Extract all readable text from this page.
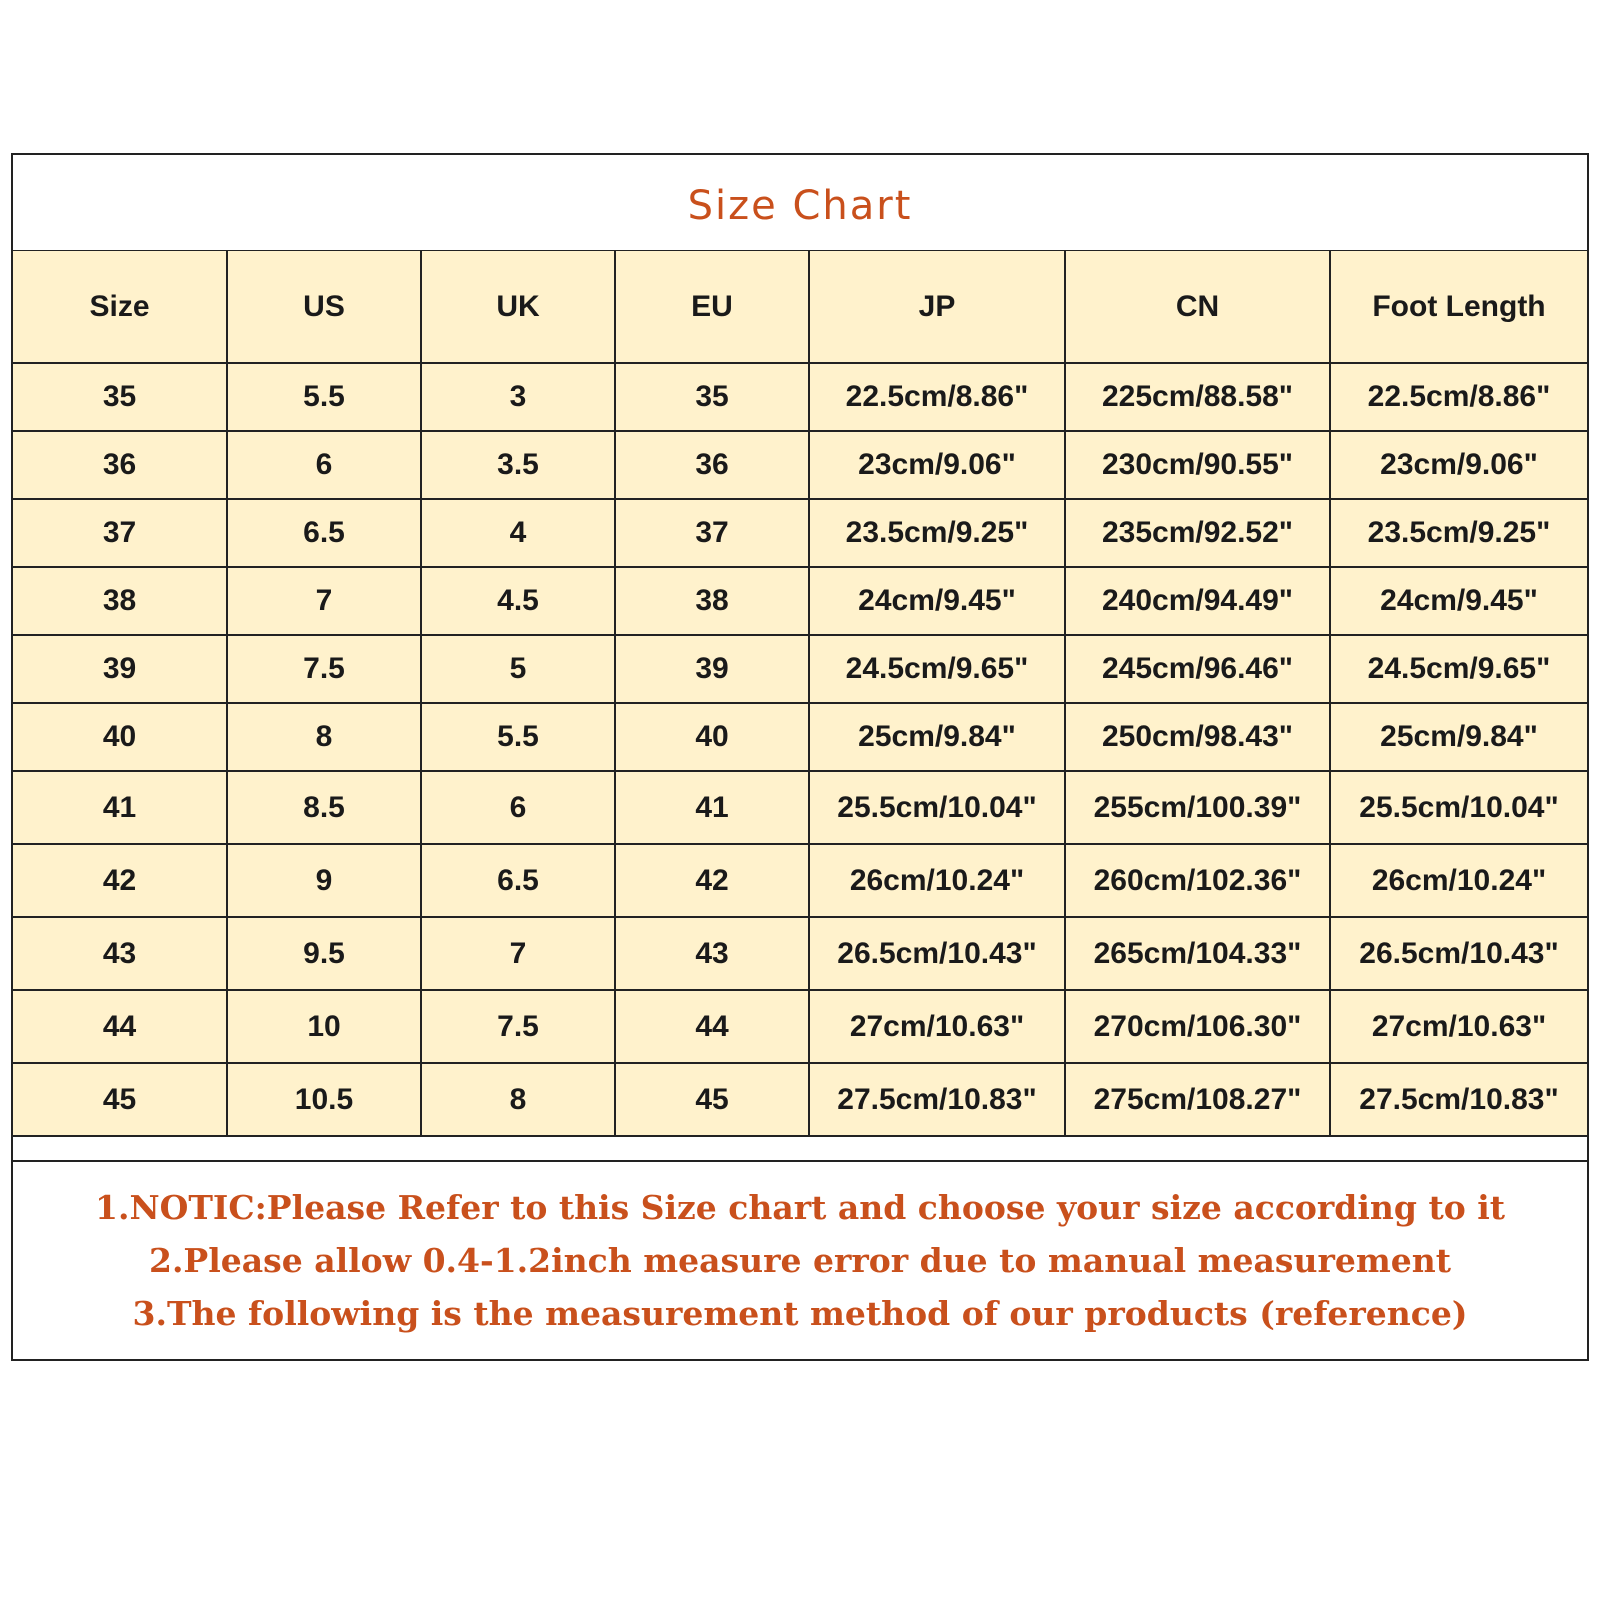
Size Chart
Size	US	UK	EU	JP	CN	Foot Length
35	5.5	3	35	22.5cm/8.86"	225cm/88.58"	22.5cm/8.86"
36	6	3.5	36	23cm/9.06"	230cm/90.55"	23cm/9.06"
37	6.5	4	37	23.5cm/9.25"	235cm/92.52"	23.5cm/9.25"
38	7	4.5	38	24cm/9.45"	240cm/94.49"	24cm/9.45"
39	7.5	5	39	24.5cm/9.65"	245cm/96.46"	24.5cm/9.65"
40	8	5.5	40	25cm/9.84"	250cm/98.43"	25cm/9.84"
41	8.5	6	41	25.5cm/10.04"	255cm/100.39"	25.5cm/10.04"
42	9	6.5	42	26cm/10.24"	260cm/102.36"	26cm/10.24"
43	9.5	7	43	26.5cm/10.43"	265cm/104.33"	26.5cm/10.43"
44	10	7.5	44	27cm/10.63"	270cm/106.30"	27cm/10.63"
45	10.5	8	45	27.5cm/10.83"	275cm/108.27"	27.5cm/10.83"
1.NOTIC:Please Refer to this Size chart and choose your size according to it
2.Please allow 0.4-1.2inch measure error due to manual measurement
3.The following is the measurement method of our products (reference)
